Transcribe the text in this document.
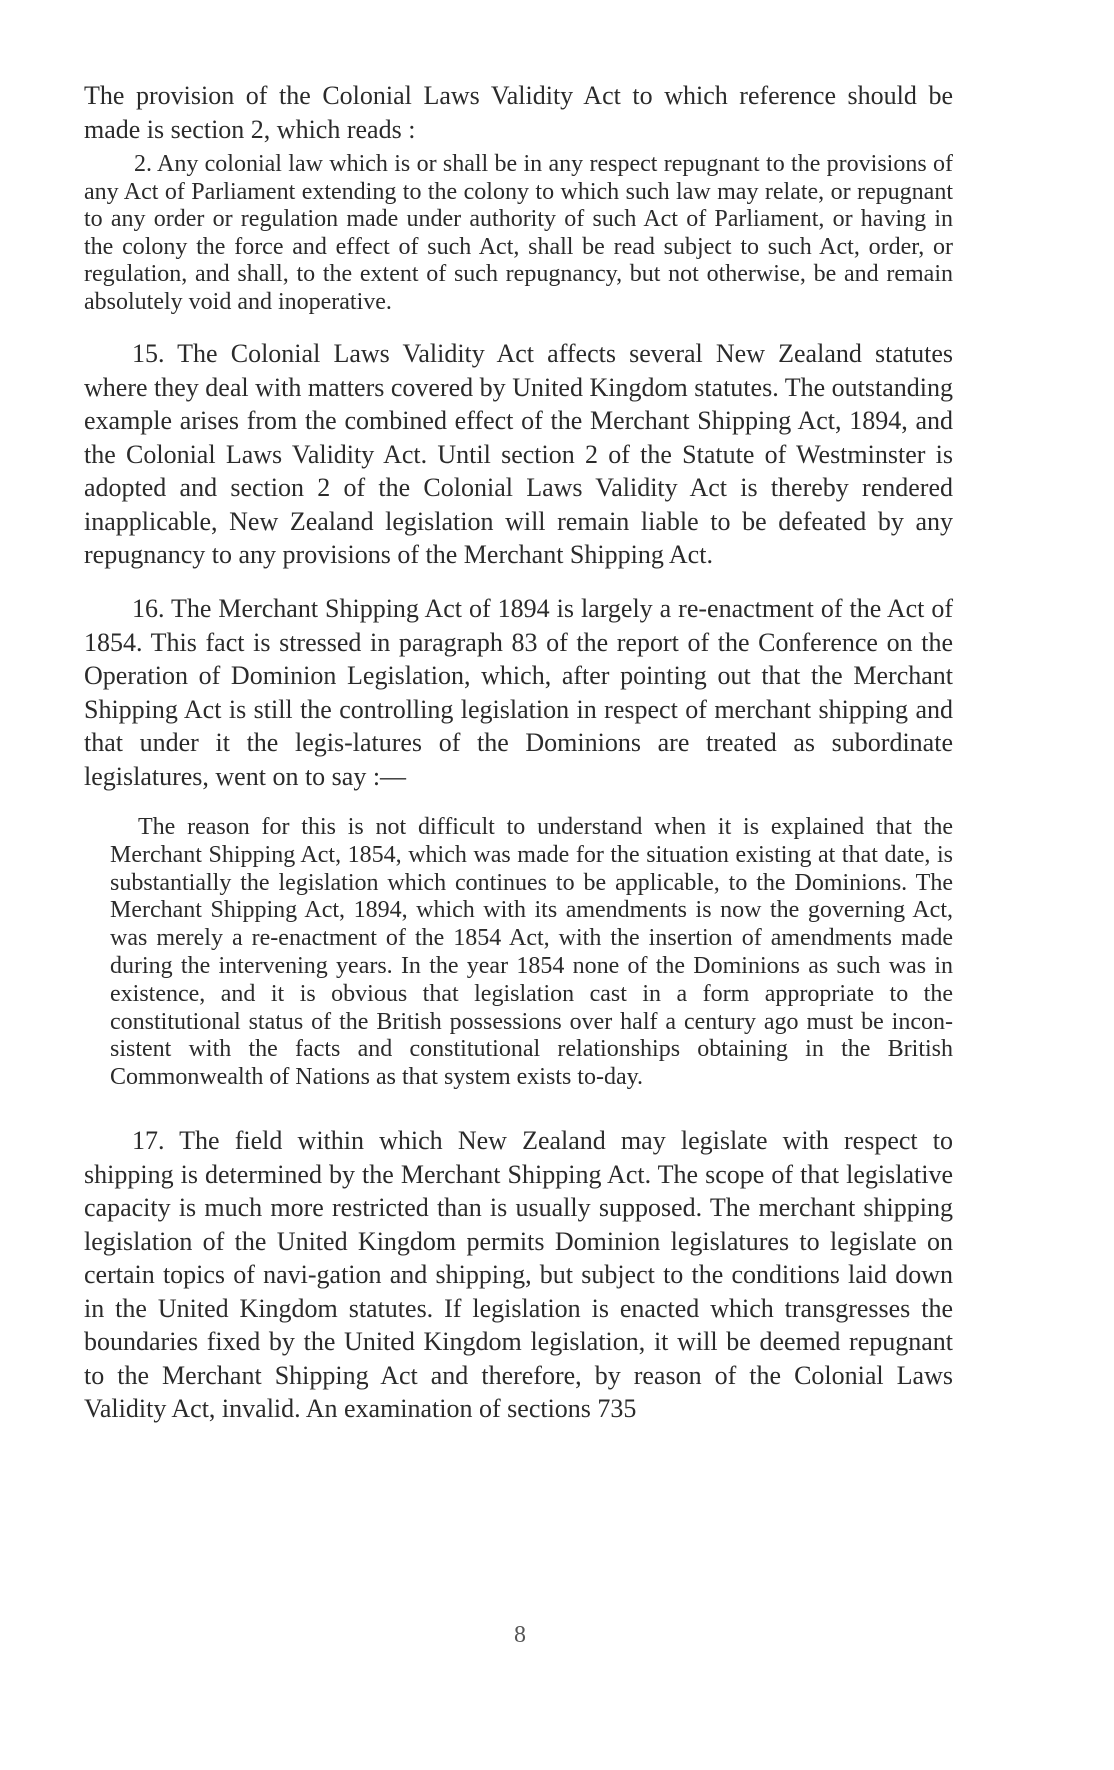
The provision of the Colonial Laws Validity Act to which reference should be made is section 2, which reads :

2. Any colonial law which is or shall be in any respect repugnant to the provisions of any Act of Parliament extending to the colony to which such law may relate, or repugnant to any order or regulation made under authority of such Act of Parliament, or having in the colony the force and effect of such Act, shall be read subject to such Act, order, or regulation, and shall, to the extent of such repugnancy, but not otherwise, be and remain absolutely void and inoperative.

15. The Colonial Laws Validity Act affects several New Zealand statutes where they deal with matters covered by United Kingdom statutes. The outstanding example arises from the combined effect of the Merchant Shipping Act, 1894, and the Colonial Laws Validity Act. Until section 2 of the Statute of Westminster is adopted and section 2 of the Colonial Laws Validity Act is thereby rendered inapplicable, New Zealand legislation will remain liable to be defeated by any repugnancy to any provisions of the Merchant Shipping Act.

16. The Merchant Shipping Act of 1894 is largely a re-enactment of the Act of 1854. This fact is stressed in paragraph 83 of the report of the Conference on the Operation of Dominion Legislation, which, after pointing out that the Merchant Shipping Act is still the controlling legislation in respect of merchant shipping and that under it the legis-latures of the Dominions are treated as subordinate legislatures, went on to say :—

The reason for this is not difficult to understand when it is explained that the Merchant Shipping Act, 1854, which was made for the situation existing at that date, is substantially the legislation which continues to be applicable, to the Dominions. The Merchant Shipping Act, 1894, which with its amendments is now the governing Act, was merely a re-enactment of the 1854 Act, with the insertion of amendments made during the intervening years. In the year 1854 none of the Dominions as such was in existence, and it is obvious that legislation cast in a form appropriate to the constitutional status of the British possessions over half a century ago must be incon-sistent with the facts and constitutional relationships obtaining in the British Commonwealth of Nations as that system exists to-day.

17. The field within which New Zealand may legislate with respect to shipping is determined by the Merchant Shipping Act. The scope of that legislative capacity is much more restricted than is usually supposed. The merchant shipping legislation of the United Kingdom permits Dominion legislatures to legislate on certain topics of navi-gation and shipping, but subject to the conditions laid down in the United Kingdom statutes. If legislation is enacted which transgresses the boundaries fixed by the United Kingdom legislation, it will be deemed repugnant to the Merchant Shipping Act and therefore, by reason of the Colonial Laws Validity Act, invalid. An examination of sections 735

8
